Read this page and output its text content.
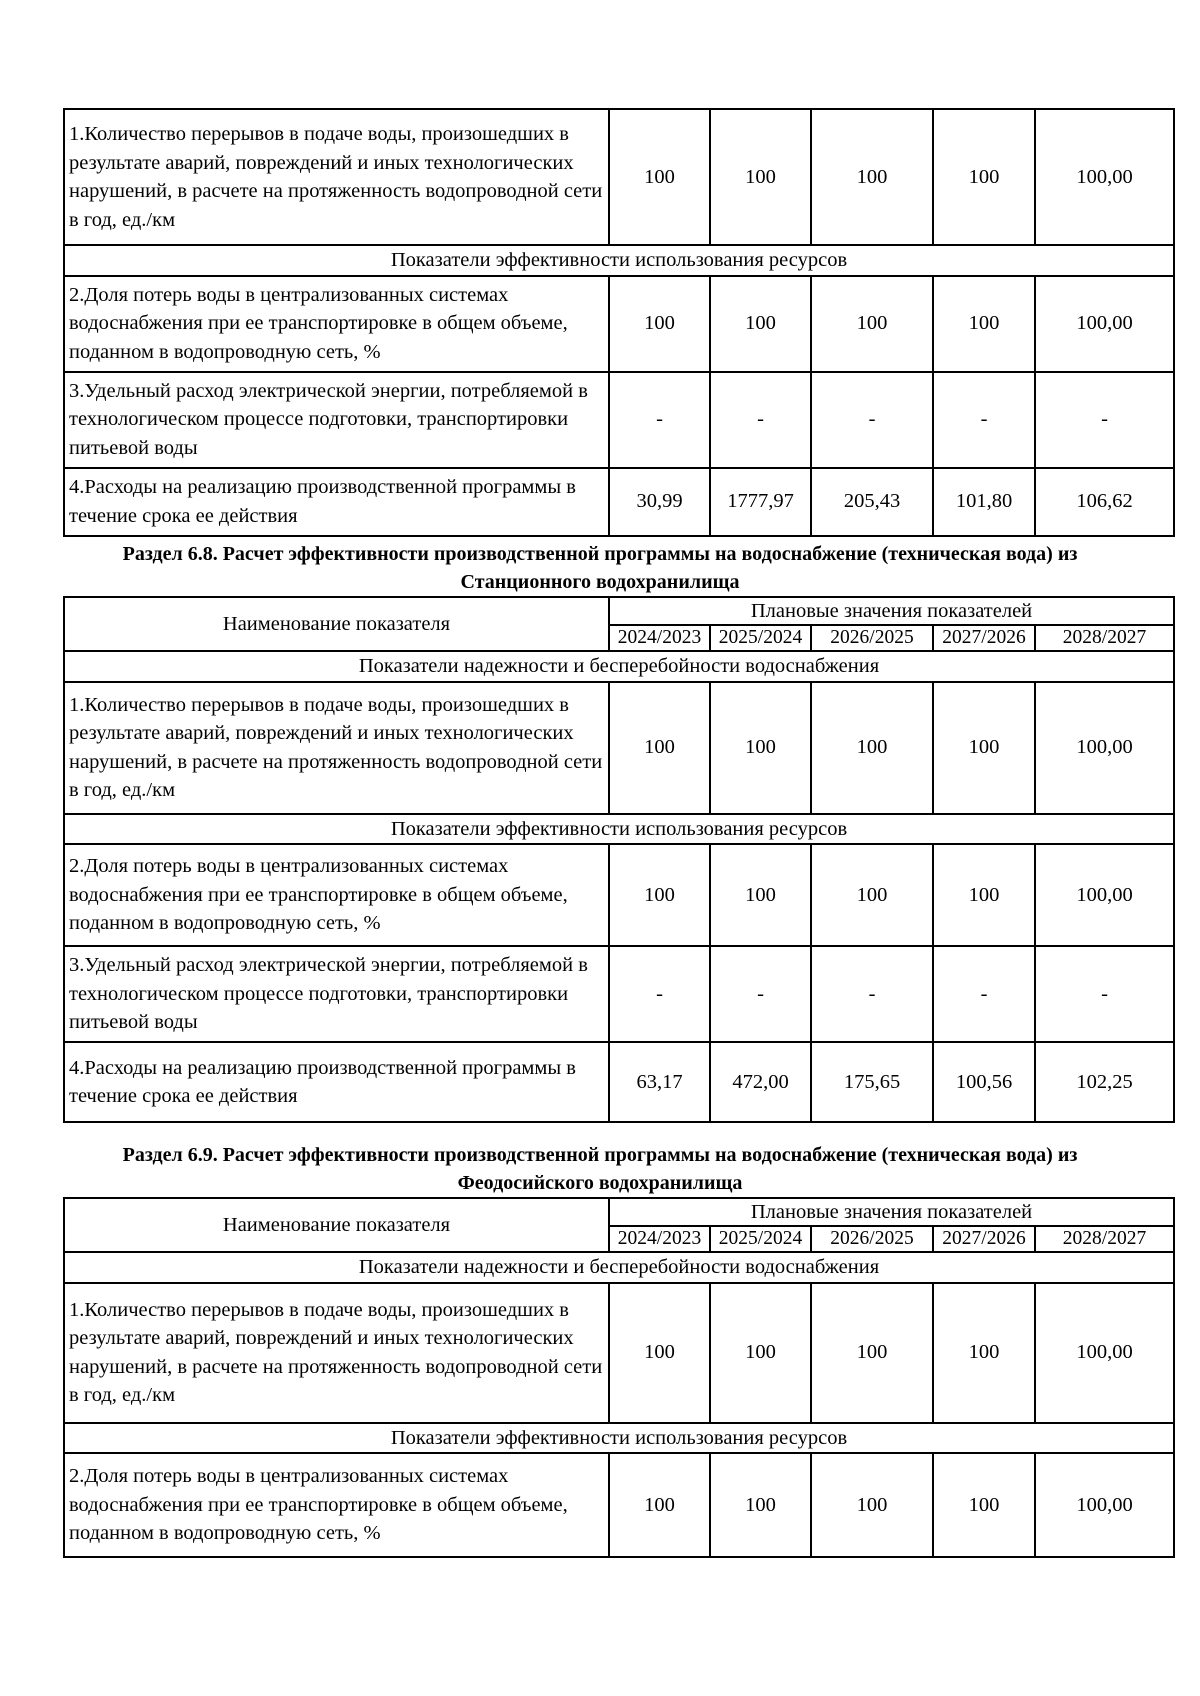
1.Количество перерывов в подаче воды, произошедших в результате аварий, повреждений и иных технологических нарушений, в расчете на протяженность водопроводной сети в год, ед./км	100	100	100	100	100,00
Показатели эффективности использования ресурсов					
2.Доля потерь воды в централизованных системах водоснабжения при ее транспортировке в общем объеме, поданном в водопроводную сеть, %	100	100	100	100	100,00
3.Удельный расход электрической энергии, потребляемой в технологическом процессе подготовки, транспортировки питьевой воды	-	-	-	-	-
4.Расходы на реализацию производственной программы в течение срока ее действия	30,99	1777,97	205,43	101,80	106,62
Раздел 6.8. Расчет эффективности производственной программы на водоснабжение (техническая вода) из
Станционного водохранилища
Наименование показателя	Плановые значения показателей				
	2024/2023	2025/2024	2026/2025	2027/2026	2028/2027
Показатели надежности и бесперебойности водоснабжения					
1.Количество перерывов в подаче воды, произошедших в результате аварий, повреждений и иных технологических нарушений, в расчете на протяженность водопроводной сети в год, ед./км	100	100	100	100	100,00
Показатели эффективности использования ресурсов					
2.Доля потерь воды в централизованных системах водоснабжения при ее транспортировке в общем объеме, поданном в водопроводную сеть, %	100	100	100	100	100,00
3.Удельный расход электрической энергии, потребляемой в технологическом процессе подготовки, транспортировки питьевой воды	-	-	-	-	-
4.Расходы на реализацию производственной программы в течение срока ее действия	63,17	472,00	175,65	100,56	102,25
Раздел 6.9. Расчет эффективности производственной программы на водоснабжение (техническая вода) из
Феодосийского водохранилища
Наименование показателя	Плановые значения показателей				
	2024/2023	2025/2024	2026/2025	2027/2026	2028/2027
Показатели надежности и бесперебойности водоснабжения					
1.Количество перерывов в подаче воды, произошедших в результате аварий, повреждений и иных технологических нарушений, в расчете на протяженность водопроводной сети в год, ед./км	100	100	100	100	100,00
Показатели эффективности использования ресурсов					
2.Доля потерь воды в централизованных системах водоснабжения при ее транспортировке в общем объеме, поданном в водопроводную сеть, %	100	100	100	100	100,00
